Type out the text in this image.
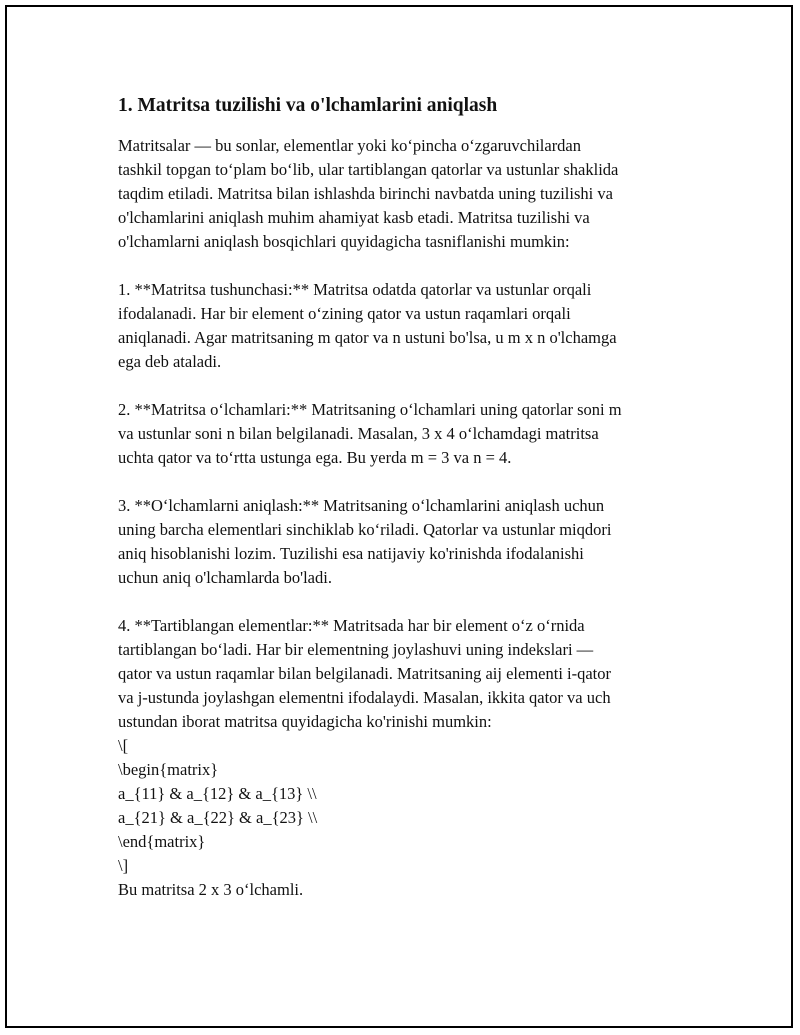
1. Matritsa tuzilishi va o'lchamlarini aniqlash
Matritsalar — bu sonlar, elementlar yoki ko‘pincha o‘zgaruvchilardan
tashkil topgan to‘plam bo‘lib, ular tartiblangan qatorlar va ustunlar shaklida
taqdim etiladi. Matritsa bilan ishlashda birinchi navbatda uning tuzilishi va
o'lchamlarini aniqlash muhim ahamiyat kasb etadi. Matritsa tuzilishi va
o'lchamlarni aniqlash bosqichlari quyidagicha tasniflanishi mumkin:
1. **Matritsa tushunchasi:** Matritsa odatda qatorlar va ustunlar orqali
ifodalanadi. Har bir element o‘zining qator va ustun raqamlari orqali
aniqlanadi. Agar matritsaning m qator va n ustuni bo'lsa, u m x n o'lchamga
ega deb ataladi.
2. **Matritsa o‘lchamlari:** Matritsaning o‘lchamlari uning qatorlar soni m
va ustunlar soni n bilan belgilanadi. Masalan, 3 x 4 o‘lchamdagi matritsa
uchta qator va to‘rtta ustunga ega. Bu yerda m = 3 va n = 4.
3. **O‘lchamlarni aniqlash:** Matritsaning o‘lchamlarini aniqlash uchun
uning barcha elementlari sinchiklab ko‘riladi. Qatorlar va ustunlar miqdori
aniq hisoblanishi lozim. Tuzilishi esa natijaviy ko'rinishda ifodalanishi
uchun aniq o'lchamlarda bo'ladi.
4. **Tartiblangan elementlar:** Matritsada har bir element o‘z o‘rnida
tartiblangan bo‘ladi. Har bir elementning joylashuvi uning indekslari —
qator va ustun raqamlar bilan belgilanadi. Matritsaning aij elementi i-qator
va j-ustunda joylashgan elementni ifodalaydi. Masalan, ikkita qator va uch
ustundan iborat matritsa quyidagicha ko'rinishi mumkin:
\[
\begin{matrix}
a_{11} & a_{12} & a_{13} \\
a_{21} & a_{22} & a_{23} \\
\end{matrix}
\]
Bu matritsa 2 x 3 o‘lchamli.
